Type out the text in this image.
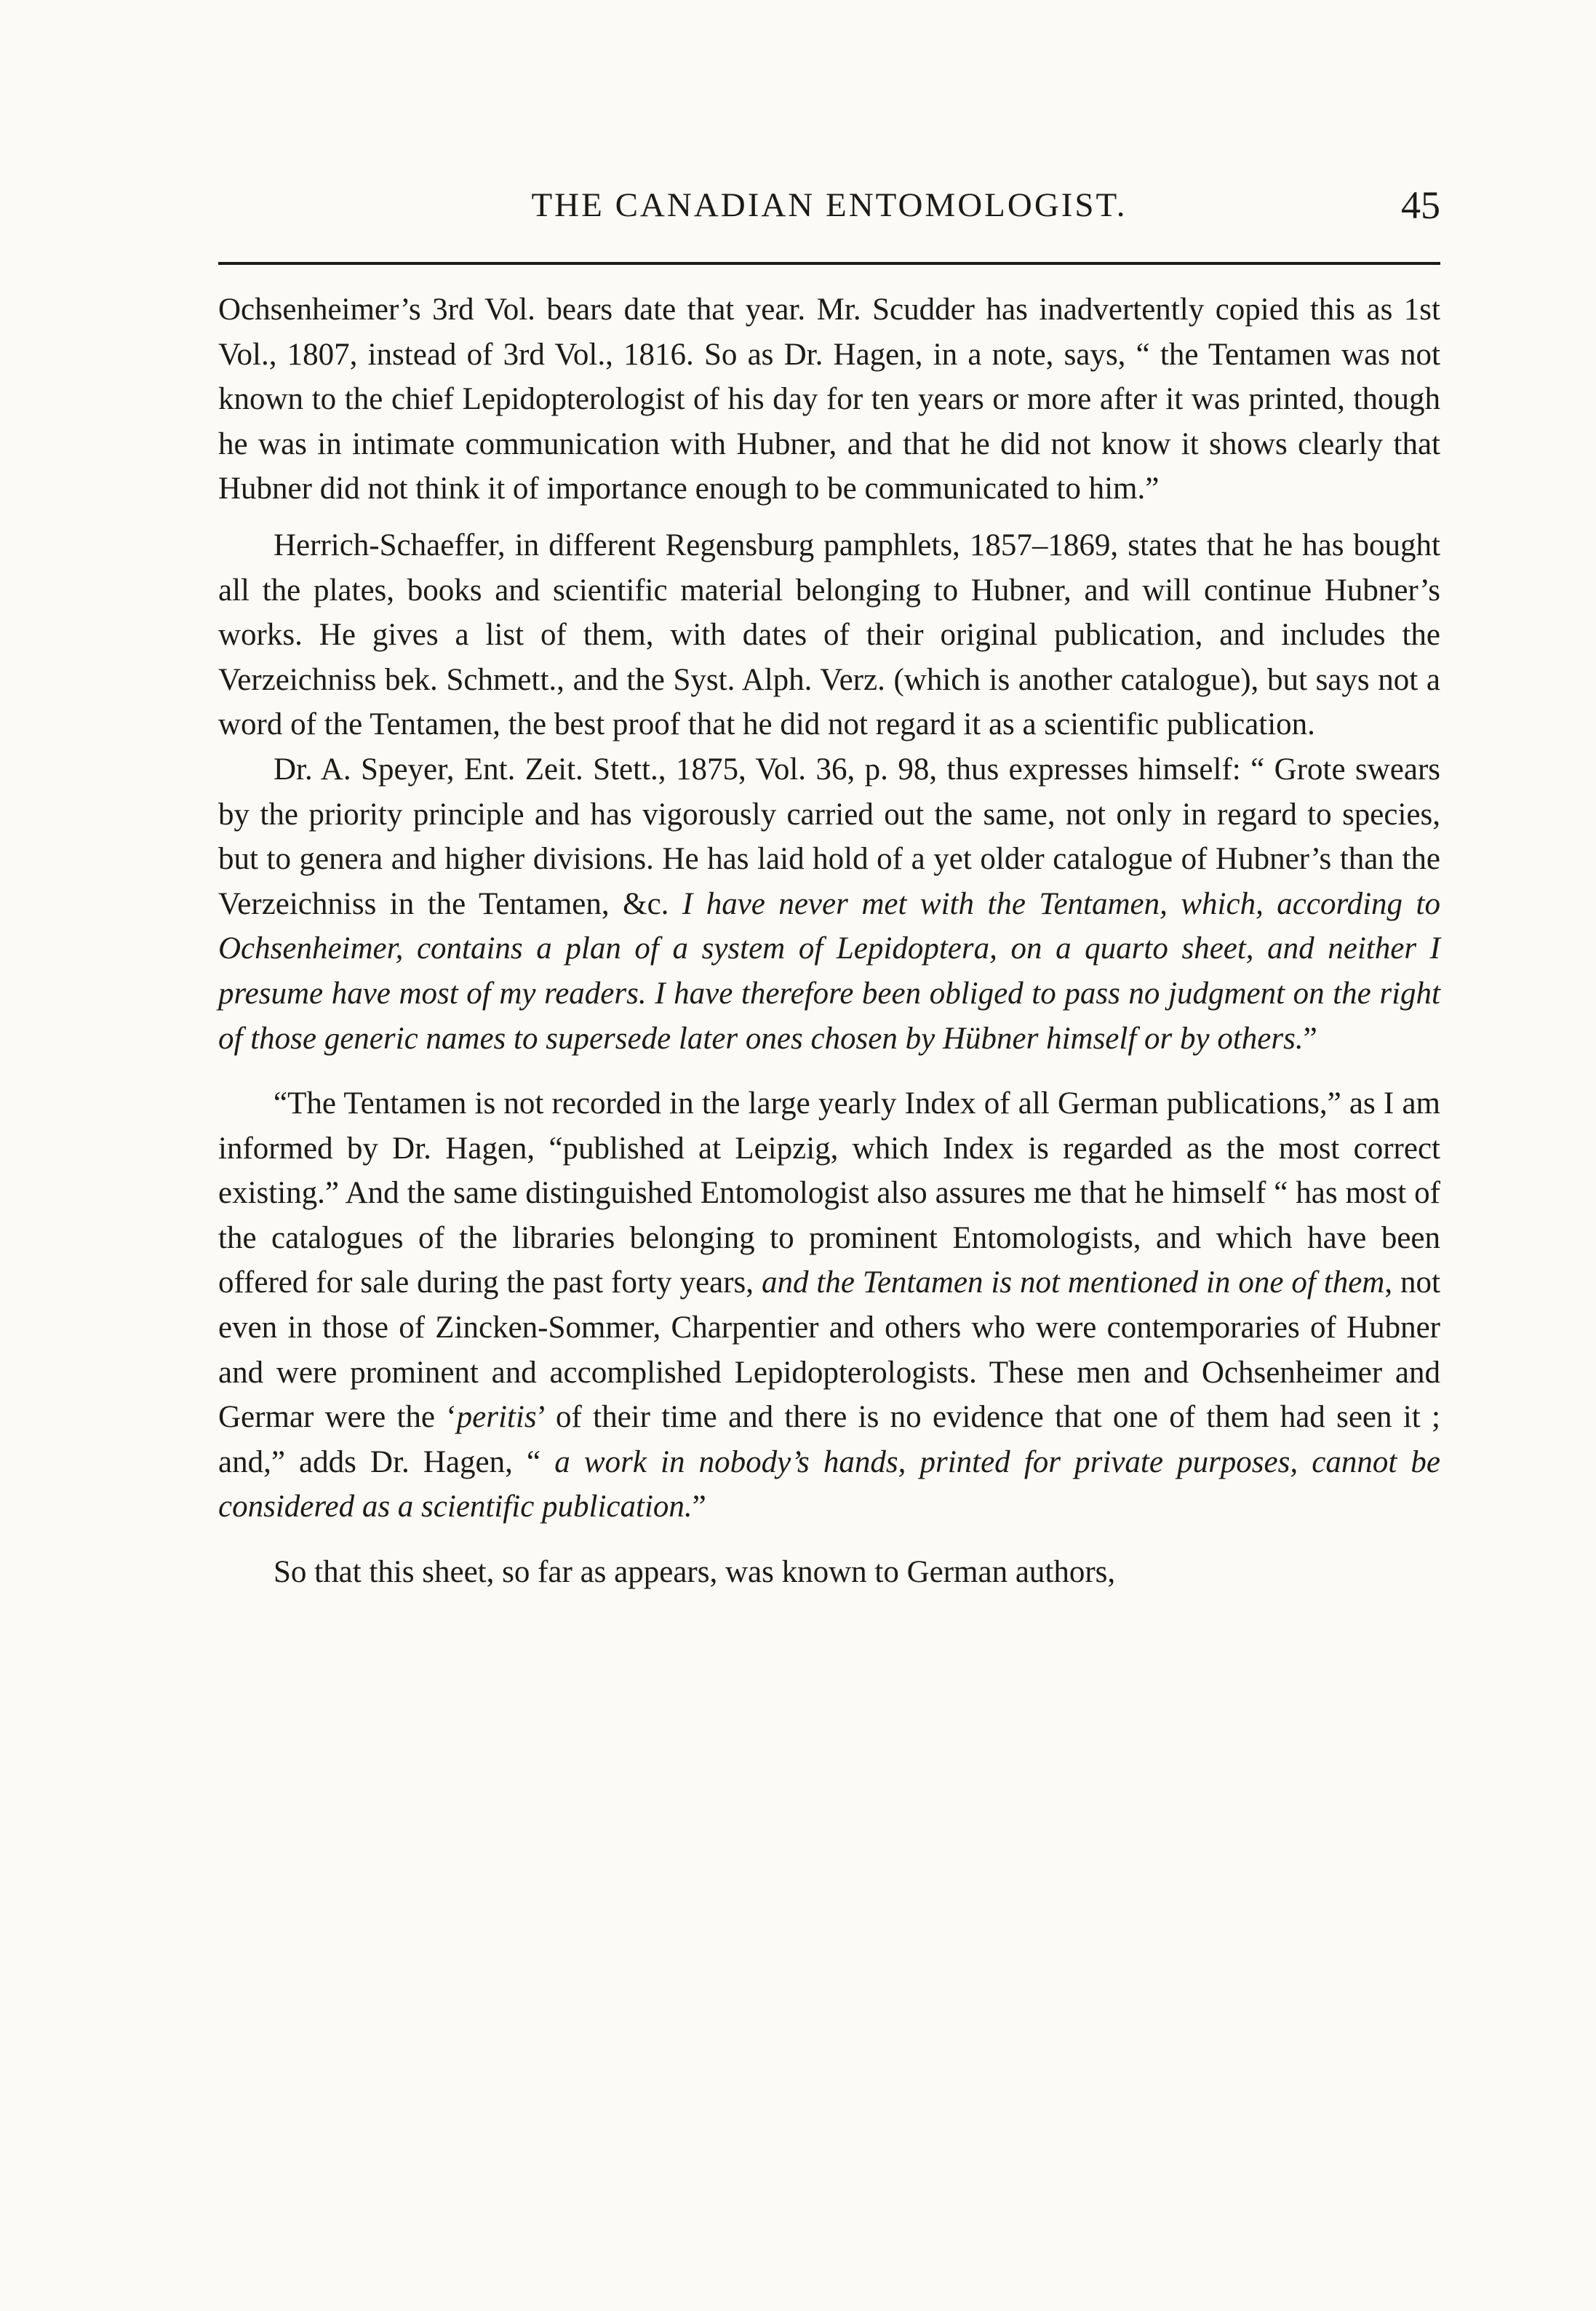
THE CANADIAN ENTOMOLOGIST.	45

Ochsenheimer’s 3rd Vol. bears date that year. Mr. Scudder has inadvertently copied this as 1st Vol., 1807, instead of 3rd Vol., 1816. So as Dr. Hagen, in a note, says, “ the Tentamen was not known to the chief Lepidopterologist of his day for ten years or more after it was printed, though he was in intimate communication with Hubner, and that he did not know it shows clearly that Hubner did not think it of importance enough to be communicated to him.”

Herrich-Schaeffer, in different Regensburg pamphlets, 1857–1869, states that he has bought all the plates, books and scientific material belonging to Hubner, and will continue Hubner’s works. He gives a list of them, with dates of their original publication, and includes the Verzeichniss bek. Schmett., and the Syst. Alph. Verz. (which is another catalogue), but says not a word of the Tentamen, the best proof that he did not regard it as a scientific publication.

Dr. A. Speyer, Ent. Zeit. Stett., 1875, Vol. 36, p. 98, thus expresses himself: “ Grote swears by the priority principle and has vigorously carried out the same, not only in regard to species, but to genera and higher divisions. He has laid hold of a yet older catalogue of Hubner’s than the Verzeichniss in the Tentamen, &c. I have never met with the Tentamen, which, according to Ochsenheimer, contains a plan of a system of Lepidoptera, on a quarto sheet, and neither I presume have most of my readers. I have therefore been obliged to pass no judgment on the right of those generic names to supersede later ones chosen by Hübner himself or by others.”

“The Tentamen is not recorded in the large yearly Index of all German publications,” as I am informed by Dr. Hagen, “published at Leipzig, which Index is regarded as the most correct existing.” And the same distinguished Entomologist also assures me that he himself “ has most of the catalogues of the libraries belonging to prominent Entomologists, and which have been offered for sale during the past forty years, and the Tentamen is not mentioned in one of them, not even in those of Zincken-Sommer, Charpentier and others who were contemporaries of Hubner and were prominent and accomplished Lepidopterologists. These men and Ochsenheimer and Germar were the ‘peritis’ of their time and there is no evidence that one of them had seen it ; and,” adds Dr. Hagen, “ a work in nobody’s hands, printed for private purposes, cannot be considered as a scientific publication.”

So that this sheet, so far as appears, was known to German authors,
